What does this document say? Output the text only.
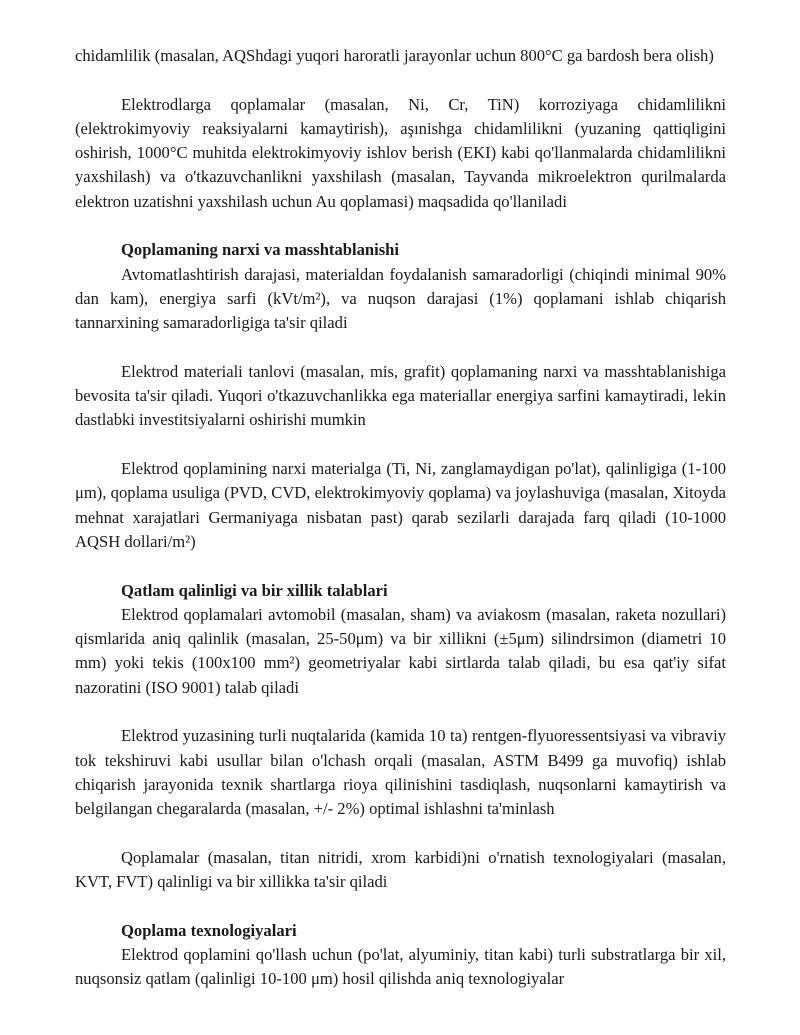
chidamlilik (masalan, AQShdagi yuqori haroratli jarayonlar uchun 800°C ga bardosh bera olish)

Elektrodlarga qoplamalar (masalan, Ni, Cr, TiN) korroziyaga chidamlilikni (elektrokimyoviy reaksiyalarni kamaytirish), aşınishga chidamlilikni (yuzaning qattiqligini oshirish, 1000°C muhitda elektrokimyoviy ishlov berish (EKI) kabi qo'llanmalarda chidamlilikni yaxshilash) va o'tkazuvchanlikni yaxshilash (masalan, Tayvanda mikroelektron qurilmalarda elektron uzatishni yaxshilash uchun Au qoplamasi) maqsadida qo'llaniladi

Qoplamaning narxi va masshtablanishi

Avtomatlashtirish darajasi, materialdan foydalanish samaradorligi (chiqindi minimal 90% dan kam), energiya sarfi (kVt/m²), va nuqson darajasi (1%) qoplamani ishlab chiqarish tannarxining samaradorligiga ta'sir qiladi

Elektrod materiali tanlovi (masalan, mis, grafit) qoplamaning narxi va masshtablanishiga bevosita ta'sir qiladi. Yuqori o'tkazuvchanlikka ega materiallar energiya sarfini kamaytiradi, lekin dastlabki investitsiyalarni oshirishi mumkin

Elektrod qoplamining narxi materialga (Ti, Ni, zanglamaydigan po'lat), qalinligiga (1-100 μm), qoplama usuliga (PVD, CVD, elektrokimyoviy qoplama) va joylashuviga (masalan, Xitoyda mehnat xarajatlari Germaniyaga nisbatan past) qarab sezilarli darajada farq qiladi (10-1000 AQSH dollari/m²)

Qatlam qalinligi va bir xillik talablari

Elektrod qoplamalari avtomobil (masalan, sham) va aviakosm (masalan, raketa nozullari) qismlarida aniq qalinlik (masalan, 25-50μm) va bir xillikni (±5μm) silindrsimon (diametri 10 mm) yoki tekis (100x100 mm²) geometriyalar kabi sirtlarda talab qiladi, bu esa qat'iy sifat nazoratini (ISO 9001) talab qiladi

Elektrod yuzasining turli nuqtalarida (kamida 10 ta) rentgen-flyuoressentsiyasi va vibraviy tok tekshiruvi kabi usullar bilan o'lchash orqali (masalan, ASTM B499 ga muvofiq) ishlab chiqarish jarayonida texnik shartlarga rioya qilinishini tasdiqlash, nuqsonlarni kamaytirish va belgilangan chegaralarda (masalan, +/- 2%) optimal ishlashni ta'minlash

Qoplamalar (masalan, titan nitridi, xrom karbidi)ni o'rnatish texnologiyalari (masalan, KVT, FVT) qalinligi va bir xillikka ta'sir qiladi

Qoplama texnologiyalari

Elektrod qoplamini qo'llash uchun (po'lat, alyuminiy, titan kabi) turli substratlarga bir xil, nuqsonsiz qatlam (qalinligi 10-100 μm) hosil qilishda aniq texnologiyalar
